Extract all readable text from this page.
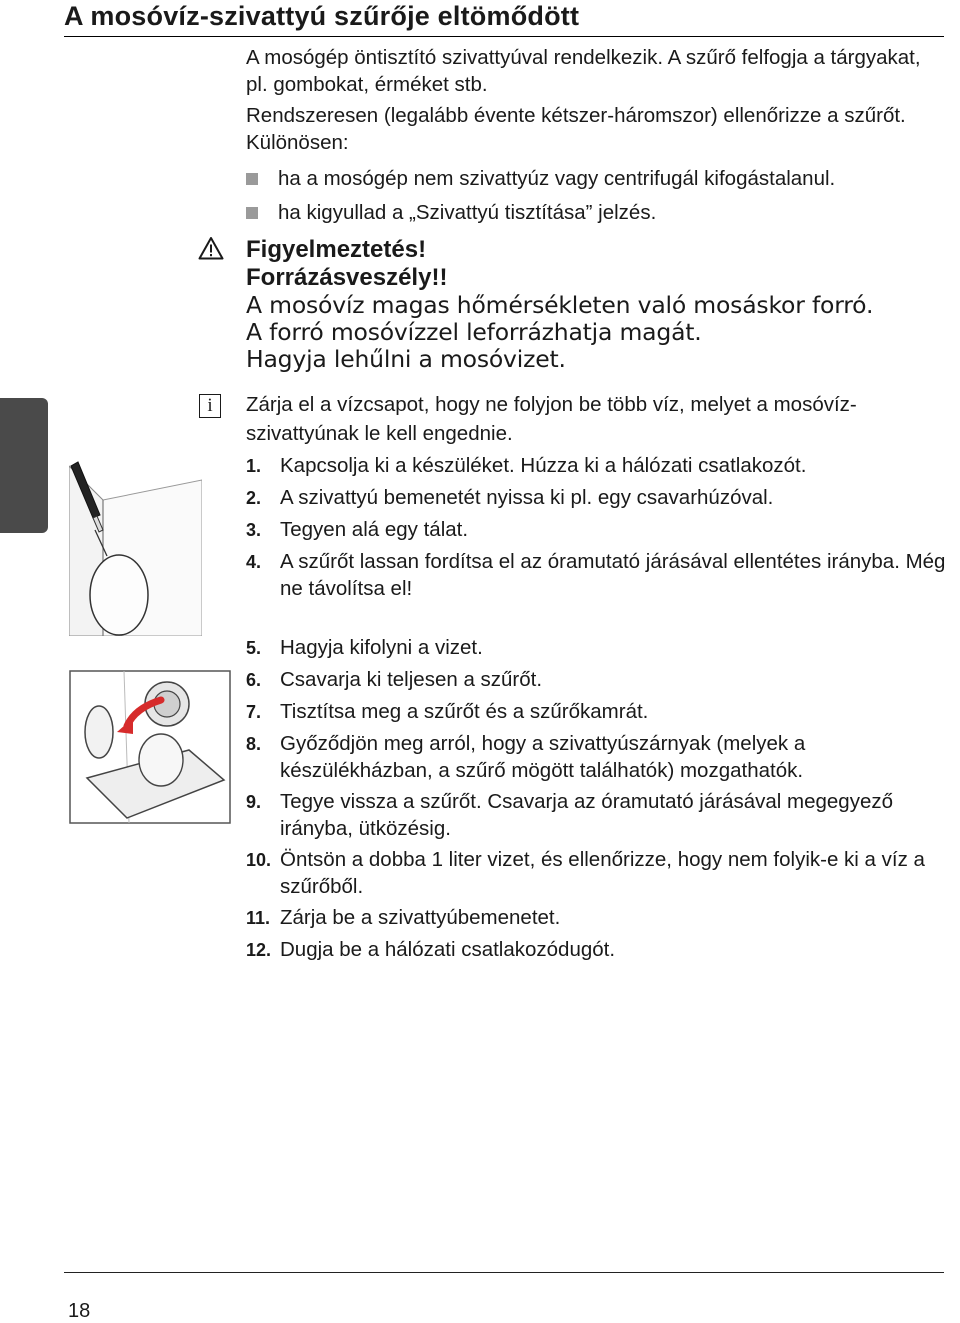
A mosóvíz-szivattyú szűrője eltömődött
A mosógép öntisztító szivattyúval rendelkezik. A szűrő felfogja a tárgyakat, pl. gombokat, érméket stb.
Rendszeresen (legalább évente kétszer-háromszor) ellenőrizze a szűrőt. Különösen:
ha a mosógép nem szivattyúz vagy centrifugál kifogástalanul.
ha kigyullad a „Szivattyú tisztítása” jelzés.
Figyelmeztetés!
Forrázásveszély!!
A mosóvíz magas hőmérsékleten való mosáskor forró.
A forró mosóvízzel leforrázhatja magát.
Hagyja lehűlni a mosóvizet.
i	Zárja el a vízcsapot, hogy ne folyjon be több víz, melyet a mosóvíz-szivattyúnak le kell engednie.
1. Kapcsolja ki a készüléket. Húzza ki a hálózati csatlakozót.
2. A szivattyú bemenetét nyissa ki pl. egy csavarhúzóval.
3. Tegyen alá egy tálat.
4. A szűrőt lassan fordítsa el az óramutató járásával ellentétes irányba. Még ne távolítsa el!
5. Hagyja kifolyni a vizet.
6. Csavarja ki teljesen a szűrőt.
7. Tisztítsa meg a szűrőt és a szűrőkamrát.
8. Győződjön meg arról, hogy a szivattyúszárnyak (melyek a készülékházban, a szűrő mögött találhatók) mozgathatók.
9. Tegye vissza a szűrőt. Csavarja az óramutató járásával megegyező irányba, ütközésig.
10. Öntsön a dobba 1 liter vizet, és ellenőrizze, hogy nem folyik-e ki a víz a szűrőből.
11. Zárja be a szivattyúbemenetet.
12. Dugja be a hálózati csatlakozódugót.
18
